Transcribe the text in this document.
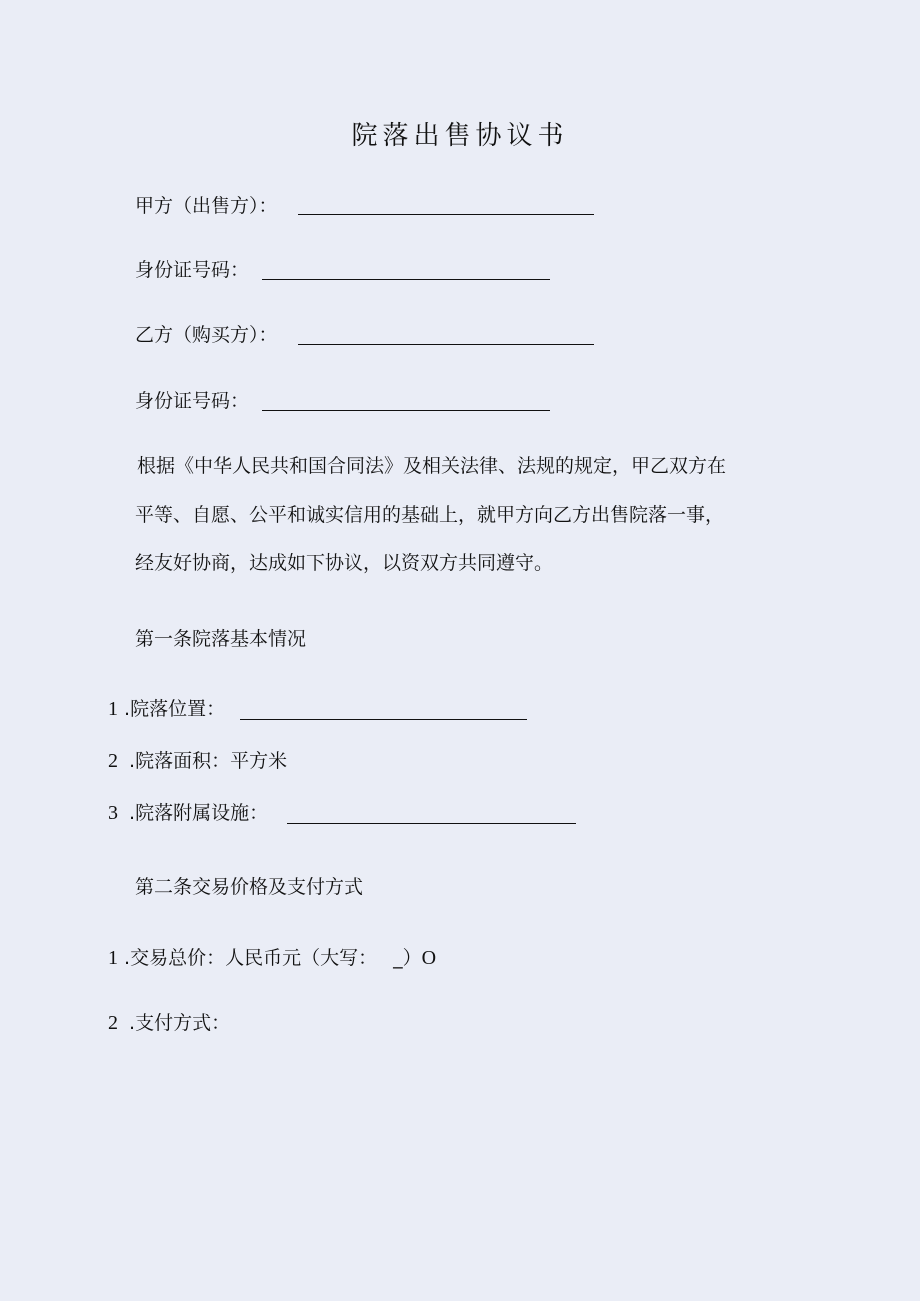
院落出售协议书
甲方（出售方）：
身份证号码：
乙方（购买方）：
身份证号码：
根据《中华人民共和国合同法》及相关法律、法规的规定，甲乙双方在
平等、自愿、公平和诚实信用的基础上，就甲方向乙方出售院落一事，
经友好协商，达成如下协议，以资双方共同遵守。
第一条院落基本情况
1 .院落位置：
2 .院落面积：平方米
3 .院落附属设施：
第二条交易价格及支付方式
1 .交易总价：人民币元（大写： _）O
2 .支付方式：
